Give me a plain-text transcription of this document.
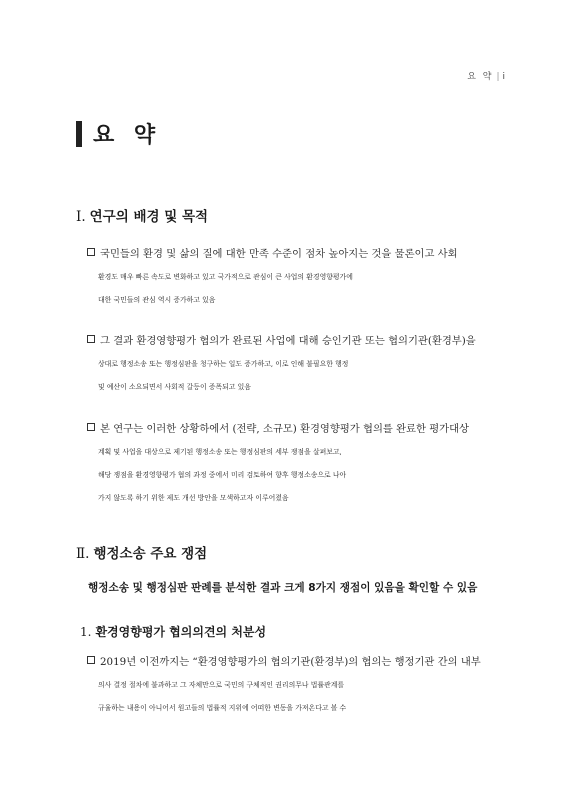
요 약 | i
요 약
Ⅰ. 연구의 배경 및 목적
국민들의 환경 및 삶의 질에 대한 만족 수준이 점차 높아지는 것을 물론이고 사회
환경도 매우 빠른 속도로 변화하고 있고 국가적으로 관심이 큰 사업의 환경영향평가에
대한 국민들의 관심 역시 증가하고 있음
그 결과 환경영향평가 협의가 완료된 사업에 대해 승인기관 또는 협의기관(환경부)을
상대로 행정소송 또는 행정심판을 청구하는 일도 증가하고, 이로 인해 불필요한 행정
및 예산이 소요되면서 사회적 갈등이 증폭되고 있음
본 연구는 이러한 상황하에서 (전략, 소규모) 환경영향평가 협의를 완료한 평가대상
계획 및 사업을 대상으로 제기된 행정소송 또는 행정심판의 세부 쟁점을 살펴보고,
해당 쟁점을 환경영향평가 협의 과정 중에서 미리 검토하여 향후 행정소송으로 나아
가지 않도록 하기 위한 제도 개선 방안을 모색하고자 이루어졌음
Ⅱ. 행정소송 주요 쟁점
행정소송 및 행정심판 판례를 분석한 결과 크게 8가지 쟁점이 있음을 확인할 수 있음
1. 환경영향평가 협의의견의 처분성
2019년 이전까지는 “환경영향평가의 협의기관(환경부)의 협의는 행정기관 간의 내부
의사 결정 절차에 불과하고 그 자체만으로 국민의 구체적인 권리의무나 법률관계를
규율하는 내용이 아니어서 원고들의 법률적 지위에 어떠한 변동을 가져온다고 볼 수
